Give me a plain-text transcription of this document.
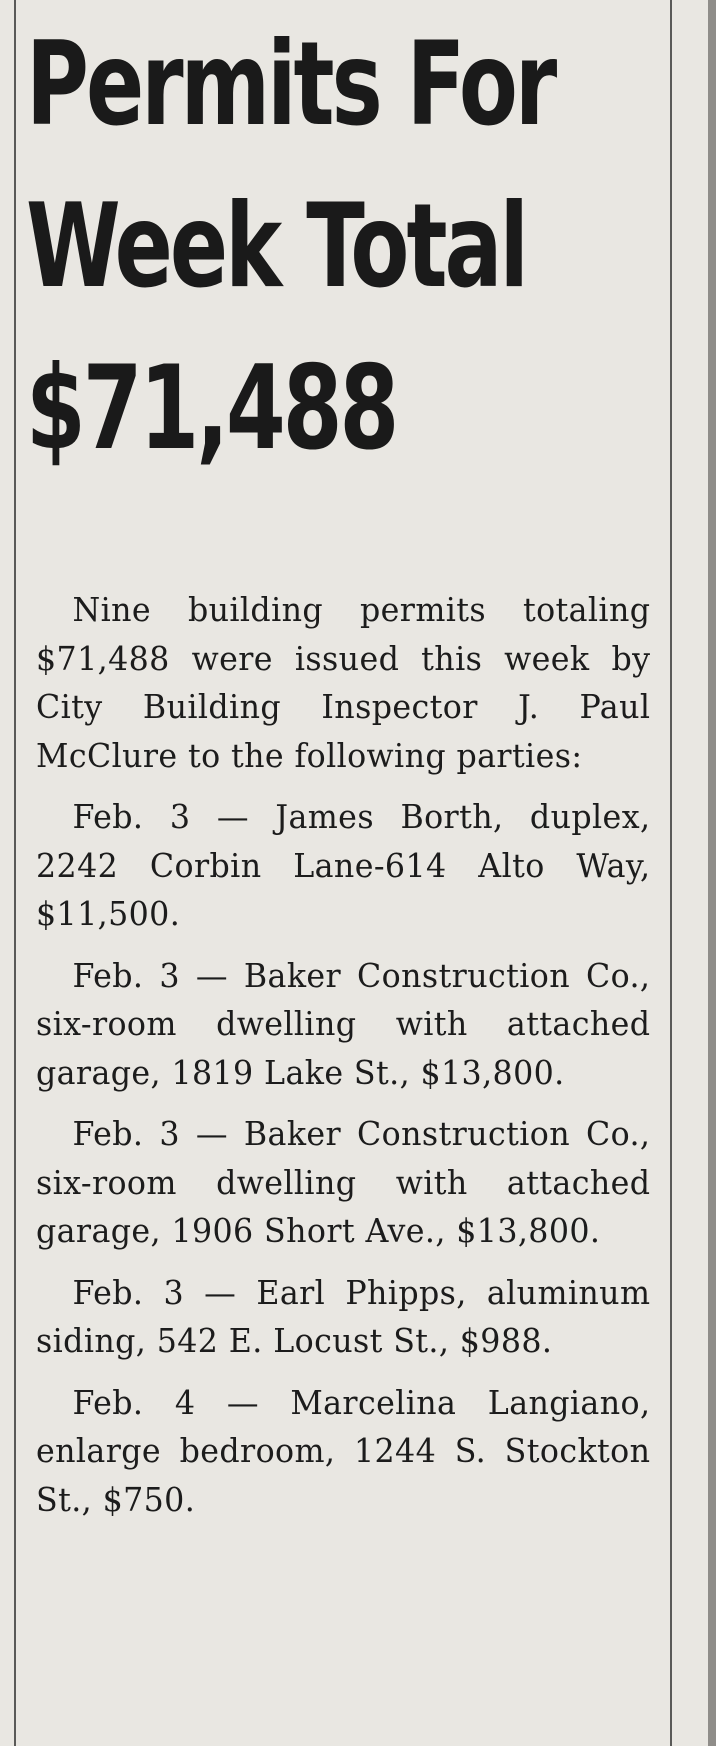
Permits For
Week Total
$71,488

Nine building permits totaling $71,488 were issued this week by City Building Inspector J. Paul McClure to the following parties:

Feb. 3 — James Borth, duplex, 2242 Corbin Lane-614 Alto Way, $11,500.

Feb. 3 — Baker Construction Co., six-room dwelling with attached garage, 1819 Lake St., $13,800.

Feb. 3 — Baker Construction Co., six-room dwelling with attached garage, 1906 Short Ave., $13,800.

Feb. 3 — Earl Phipps, aluminum siding, 542 E. Locust St., $988.

Feb. 4 — Marcelina Langiano, enlarge bedroom, 1244 S. Stockton St., $750.
